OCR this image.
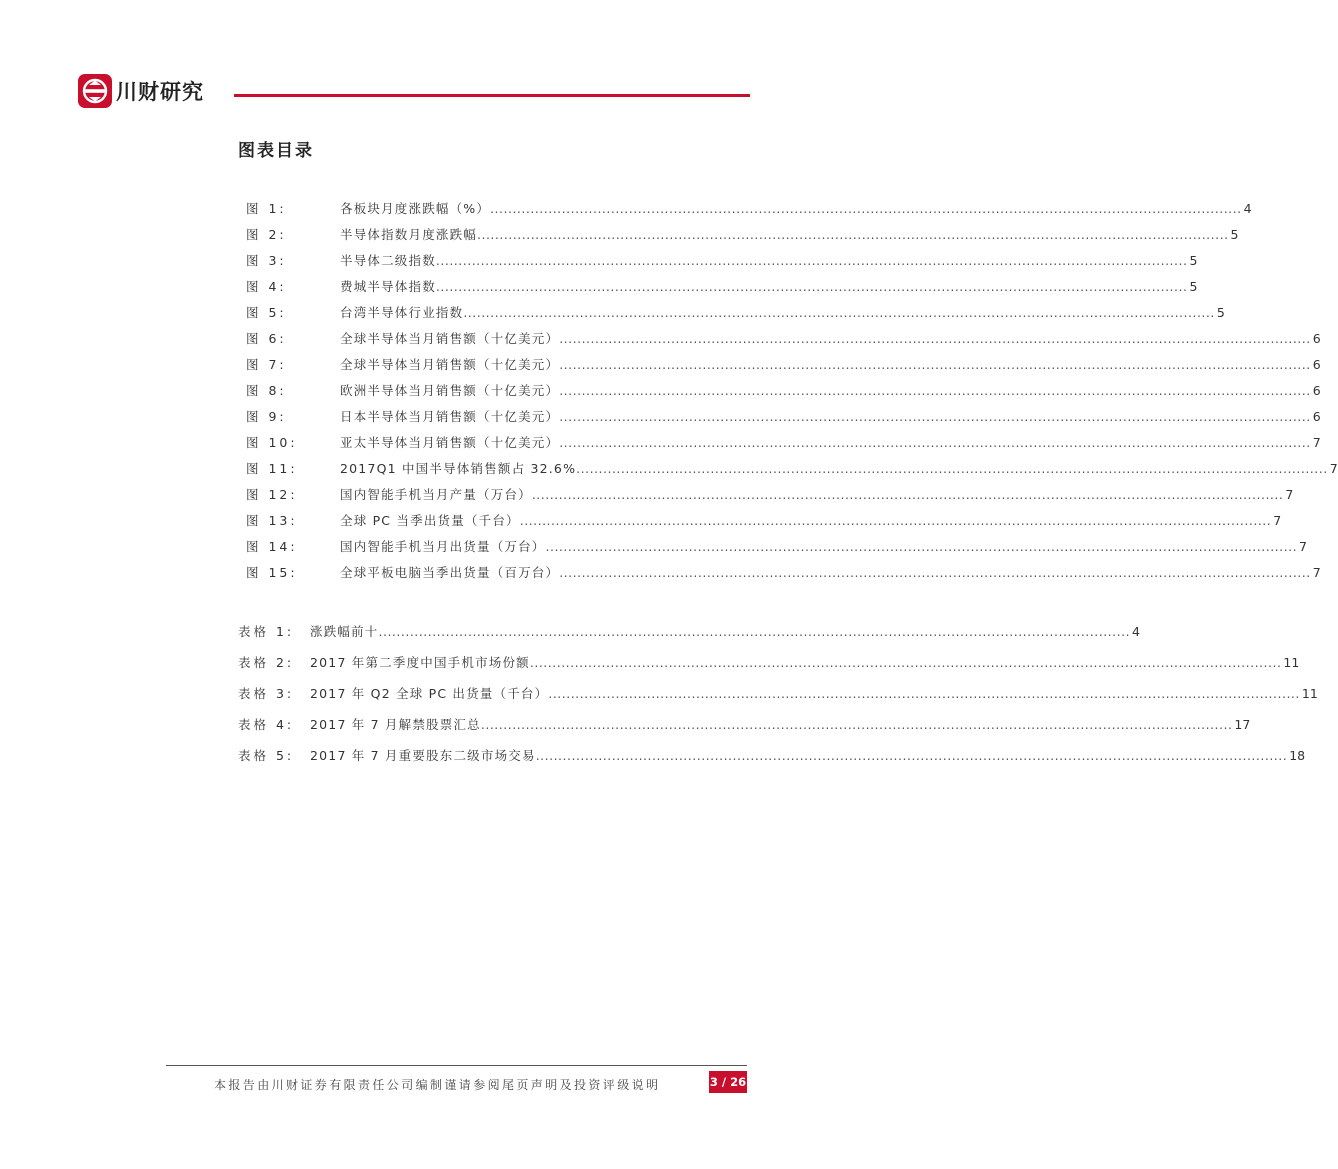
川财研究
图表目录
图 1:	各板块月度涨跌幅（%） ........................................................................................................................................................................ 4
图 2:	半导体指数月度涨跌幅 ........................................................................................................................................................................ 5
图 3:	半导体二级指数 ........................................................................................................................................................................ 5
图 4:	费城半导体指数 ........................................................................................................................................................................ 5
图 5:	台湾半导体行业指数 ........................................................................................................................................................................ 5
图 6:	全球半导体当月销售额（十亿美元） ........................................................................................................................................................................ 6
图 7:	全球半导体当月销售额（十亿美元） ........................................................................................................................................................................ 6
图 8:	欧洲半导体当月销售额（十亿美元） ........................................................................................................................................................................ 6
图 9:	日本半导体当月销售额（十亿美元） ........................................................................................................................................................................ 6
图 10:	亚太半导体当月销售额（十亿美元） ........................................................................................................................................................................ 7
图 11:	2017Q1 中国半导体销售额占 32.6% ........................................................................................................................................................................ 7
图 12:	国内智能手机当月产量（万台） ........................................................................................................................................................................ 7
图 13:	全球 PC 当季出货量（千台） ........................................................................................................................................................................ 7
图 14:	国内智能手机当月出货量（万台） ........................................................................................................................................................................ 7
图 15:	全球平板电脑当季出货量（百万台） ........................................................................................................................................................................ 7
表格 1: 涨跌幅前十 ........................................................................................................................................................................ 4
表格 2: 2017 年第二季度中国手机市场份额 ........................................................................................................................................................................ 11
表格 3: 2017 年 Q2 全球 PC 出货量（千台） ........................................................................................................................................................................ 11
表格 4: 2017 年 7 月解禁股票汇总 ........................................................................................................................................................................ 17
表格 5: 2017 年 7 月重要股东二级市场交易 ........................................................................................................................................................................ 18
本报告由川财证券有限责任公司编制谨请参阅尾页声明及投资评级说明	3 / 26
